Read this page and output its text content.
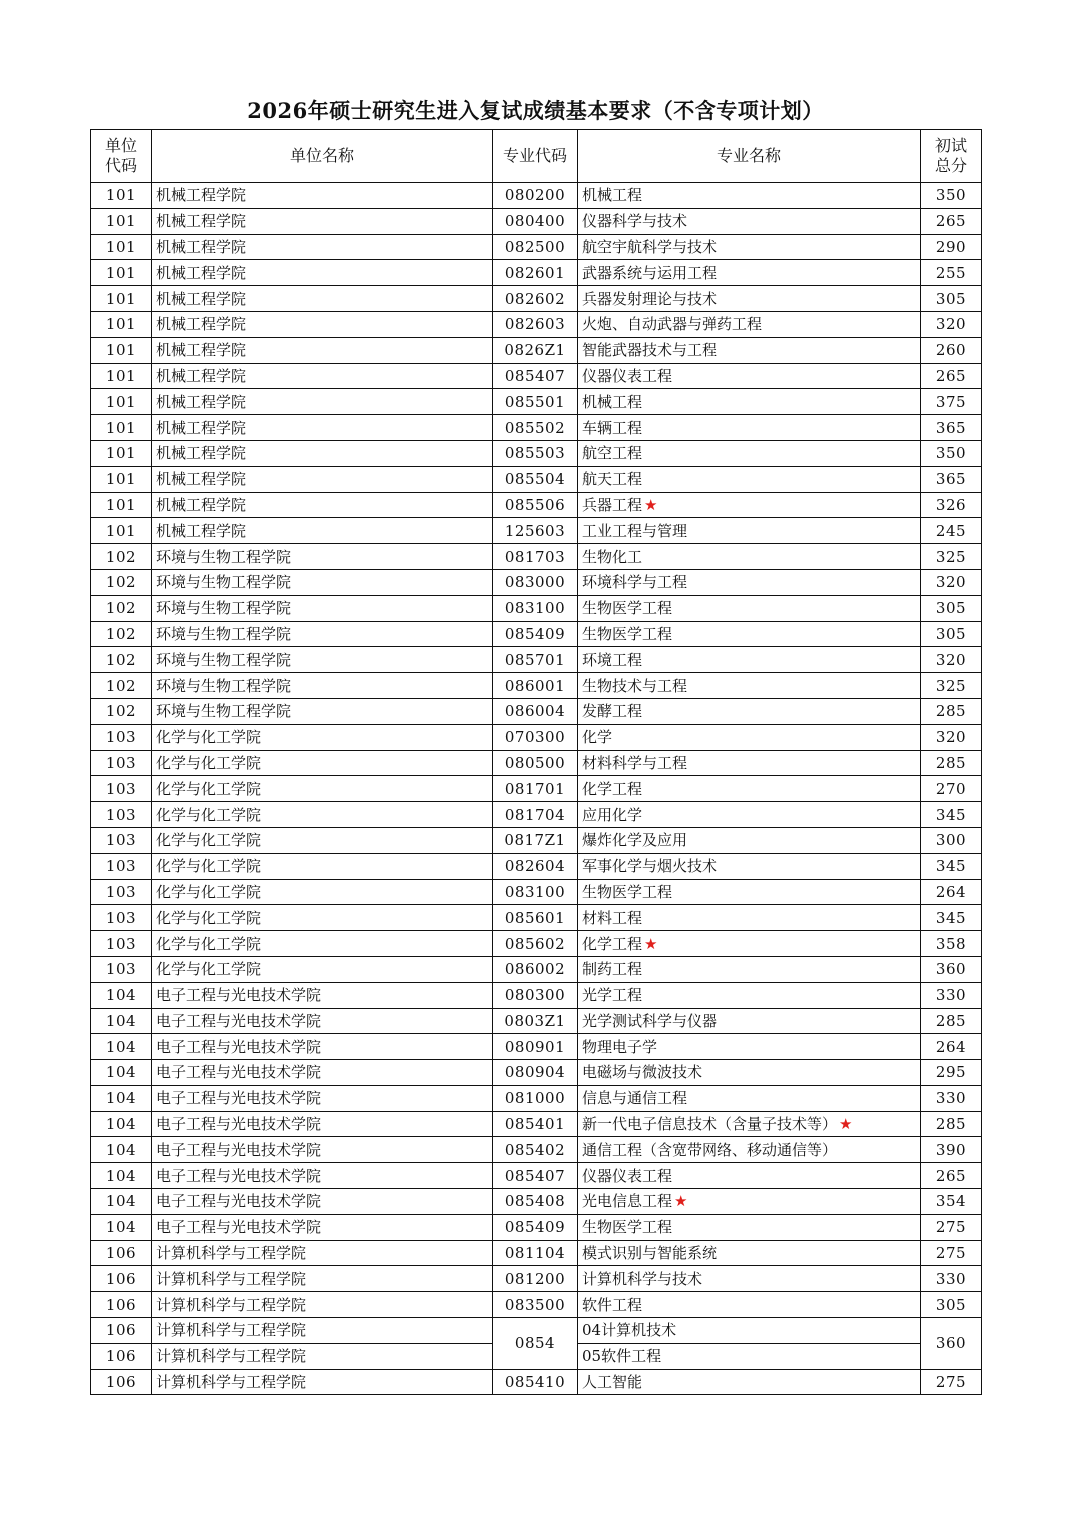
2026年硕士研究生进入复试成绩基本要求（不含专项计划）
单位代码	单位名称	专业代码	专业名称	初试总分
101	机械工程学院	080200	机械工程	350
101	机械工程学院	080400	仪器科学与技术	265
101	机械工程学院	082500	航空宇航科学与技术	290
101	机械工程学院	082601	武器系统与运用工程	255
101	机械工程学院	082602	兵器发射理论与技术	305
101	机械工程学院	082603	火炮、自动武器与弹药工程	320
101	机械工程学院	0826Z1	智能武器技术与工程	260
101	机械工程学院	085407	仪器仪表工程	265
101	机械工程学院	085501	机械工程	375
101	机械工程学院	085502	车辆工程	365
101	机械工程学院	085503	航空工程	350
101	机械工程学院	085504	航天工程	365
101	机械工程学院	085506	兵器工程 ★	326
101	机械工程学院	125603	工业工程与管理	245
102	环境与生物工程学院	081703	生物化工	325
102	环境与生物工程学院	083000	环境科学与工程	320
102	环境与生物工程学院	083100	生物医学工程	305
102	环境与生物工程学院	085409	生物医学工程	305
102	环境与生物工程学院	085701	环境工程	320
102	环境与生物工程学院	086001	生物技术与工程	325
102	环境与生物工程学院	086004	发酵工程	285
103	化学与化工学院	070300	化学	320
103	化学与化工学院	080500	材料科学与工程	285
103	化学与化工学院	081701	化学工程	270
103	化学与化工学院	081704	应用化学	345
103	化学与化工学院	0817Z1	爆炸化学及应用	300
103	化学与化工学院	082604	军事化学与烟火技术	345
103	化学与化工学院	083100	生物医学工程	264
103	化学与化工学院	085601	材料工程	345
103	化学与化工学院	085602	化学工程 ★	358
103	化学与化工学院	086002	制药工程	360
104	电子工程与光电技术学院	080300	光学工程	330
104	电子工程与光电技术学院	0803Z1	光学测试科学与仪器	285
104	电子工程与光电技术学院	080901	物理电子学	264
104	电子工程与光电技术学院	080904	电磁场与微波技术	295
104	电子工程与光电技术学院	081000	信息与通信工程	330
104	电子工程与光电技术学院	085401	新一代电子信息技术（含量子技术等） ★	285
104	电子工程与光电技术学院	085402	通信工程（含宽带网络、移动通信等）	390
104	电子工程与光电技术学院	085407	仪器仪表工程	265
104	电子工程与光电技术学院	085408	光电信息工程 ★	354
104	电子工程与光电技术学院	085409	生物医学工程	275
106	计算机科学与工程学院	081104	模式识别与智能系统	275
106	计算机科学与工程学院	081200	计算机科学与技术	330
106	计算机科学与工程学院	083500	软件工程	305
106	计算机科学与工程学院	0854	04计算机技术	360
106	计算机科学与工程学院		05软件工程	
106	计算机科学与工程学院	085410	人工智能	275
